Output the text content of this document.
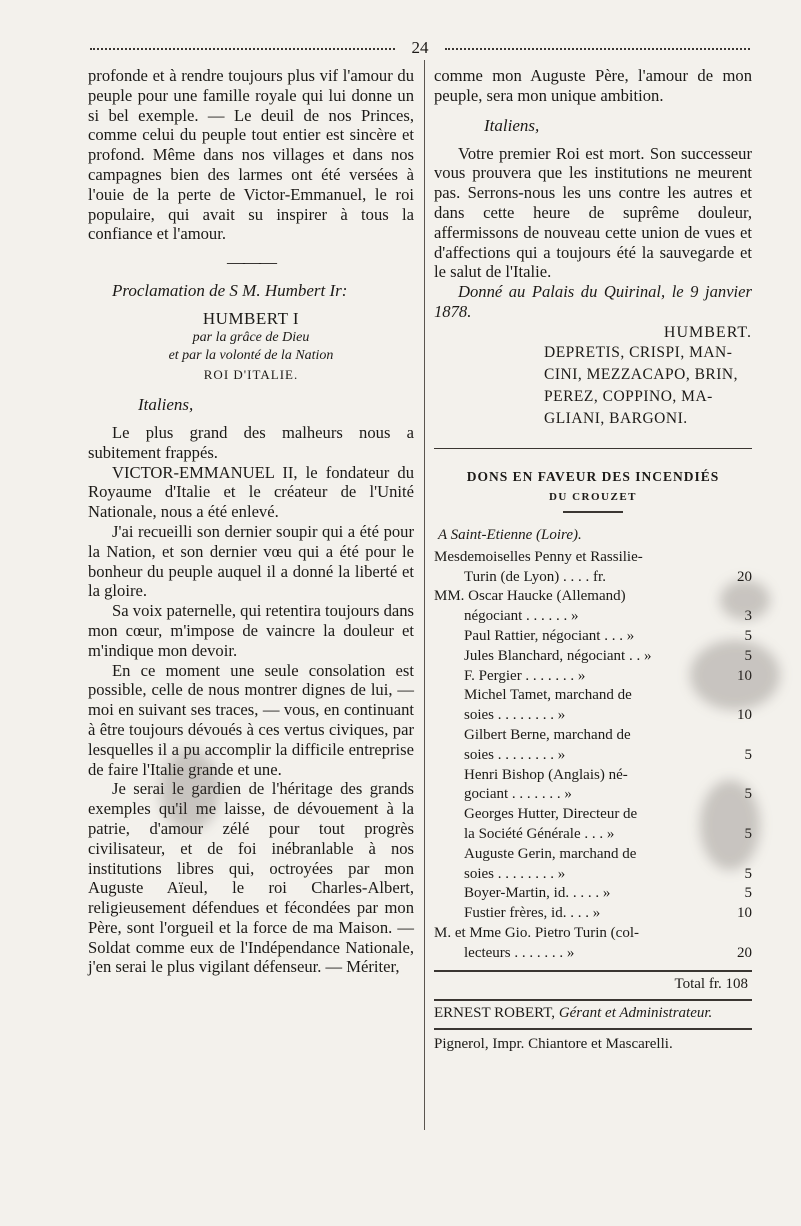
24

profonde et à rendre toujours plus vif l'amour du peuple pour une famille royale qui lui donne un si bel exemple. — Le deuil de nos Princes, comme celui du peuple tout entier est sincère et profond. Même dans nos villages et dans nos campagnes bien des larmes ont été versées à l'ouie de la perte de Victor-Emmanuel, le roi populaire, qui avait su inspirer à tous la confiance et l'amour.

———

Proclamation de S M. Humbert Ir:

HUMBERT I
par la grâce de Dieu
et par la volonté de la Nation
ROI D'ITALIE.
Italiens,

Le plus grand des malheurs nous a subitement frappés.

VICTOR-EMMANUEL II, le fondateur du Royaume d'Italie et le créateur de l'Unité Nationale, nous a été enlevé.

J'ai recueilli son dernier soupir qui a été pour la Nation, et son dernier vœu qui a été pour le bonheur du peuple auquel il a donné la liberté et la gloire.

Sa voix paternelle, qui retentira toujours dans mon cœur, m'impose de vaincre la douleur et m'indique mon devoir.

En ce moment une seule consolation est possible, celle de nous montrer dignes de lui, — moi en suivant ses traces, — vous, en continuant à être toujours dévoués à ces vertus civiques, par lesquelles il a pu accomplir la difficile entreprise de faire l'Italie grande et une.

Je serai le gardien de l'héritage des grands exemples qu'il me laisse, de dévouement à la patrie, d'amour zélé pour tout progrès civilisateur, et de foi inébranlable à nos institutions libres qui, octroyées par mon Auguste Aïeul, le roi Charles-Albert, religieusement défendues et fécondées par mon Père, sont l'orgueil et la force de ma Maison. — Soldat comme eux de l'Indépendance Nationale, j'en serai le plus vigilant défenseur. — Mériter,

comme mon Auguste Père, l'amour de mon peuple, sera mon unique ambition.

Italiens,

Votre premier Roi est mort. Son successeur vous prouvera que les institutions ne meurent pas. Serrons-nous les uns contre les autres et dans cette heure de suprême douleur, affermissons de nouveau cette union de vues et d'affections qui a toujours été la sauvegarde et le salut de l'Italie.

Donné au Palais du Quirinal, le 9 janvier 1878.

HUMBERT.
DEPRETIS, CRISPI, MAN-
CINI, MEZZACAPO, BRIN,
PEREZ, COPPINO, MA-
GLIANI, BARGONI.
DONS EN FAVEUR DES INCENDIÉS
DU CROUZET
A Saint-Etienne (Loire).
Mesdemoiselles Penny et Rassilie-
Turin (de Lyon) . . . . fr.	20
MM. Oscar Haucke (Allemand)
négociant . . . . . . »	3
Paul Rattier, négociant . . . »	5
Jules Blanchard, négociant . . »	5
F. Pergier . . . . . . . »	10
Michel Tamet, marchand de
soies . . . . . . . . »	10
Gilbert Berne, marchand de
soies . . . . . . . . »	5
Henri Bishop (Anglais) né-
gociant . . . . . . . »	5
Georges Hutter, Directeur de
la Société Générale . . . »	5
Auguste Gerin, marchand de
soies . . . . . . . . »	5
Boyer-Martin, id. . . . . »	5
Fustier frères, id. . . . »	10
M. et Mme Gio. Pietro Turin (col-
lecteurs . . . . . . . »	20
Total fr. 108
ERNEST ROBERT, Gérant et Administrateur.
Pignerol, Impr. Chiantore et Mascarelli.
